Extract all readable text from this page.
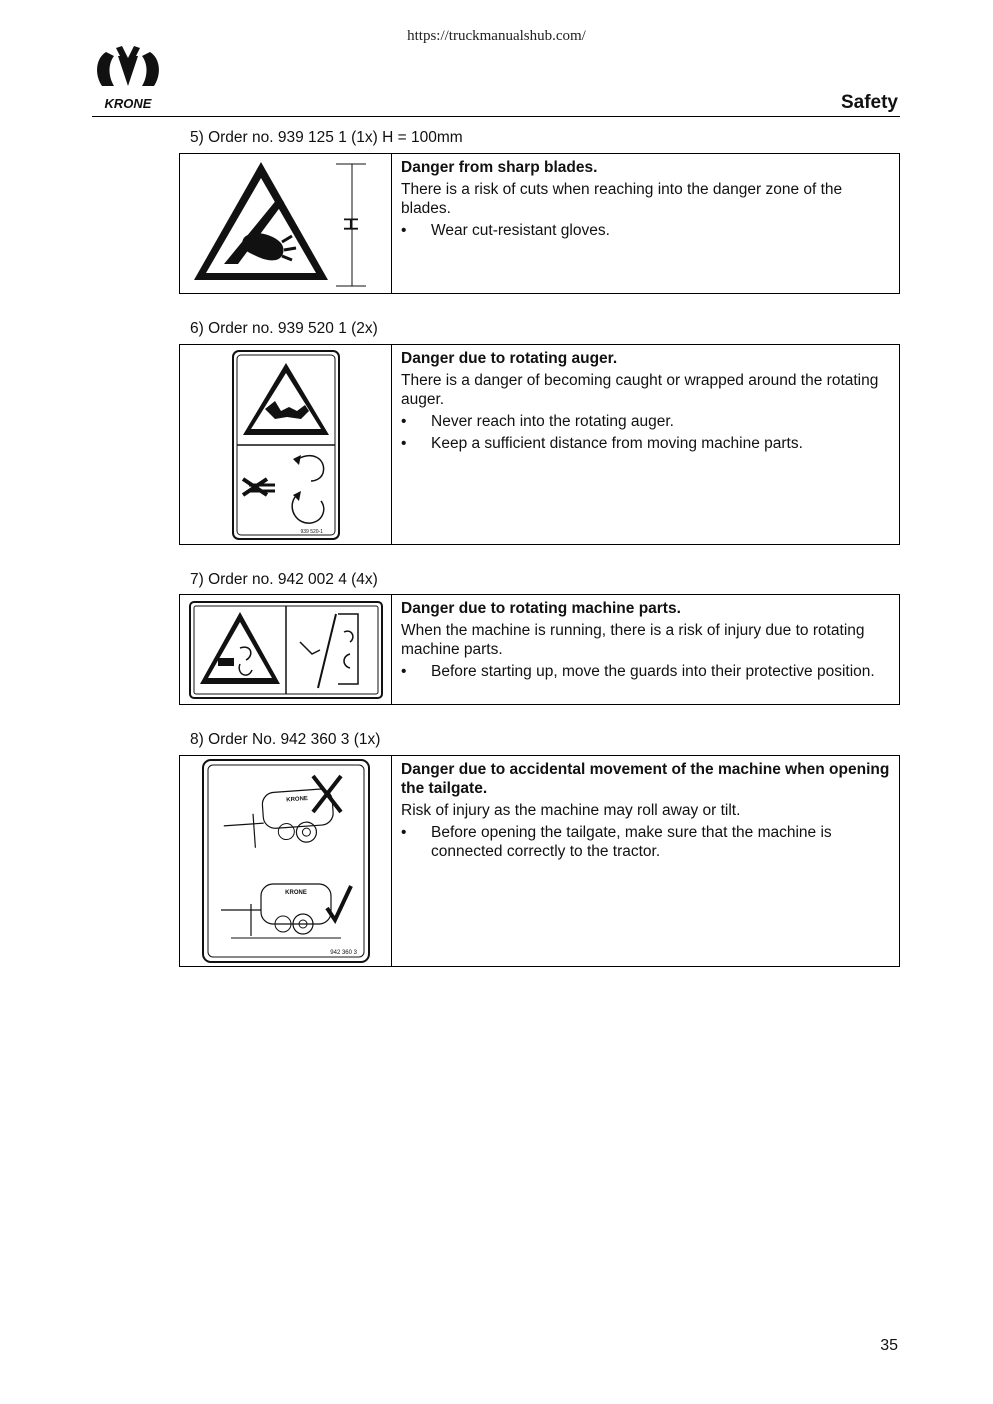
https://truckmanualshub.com/
KRONE	Safety
5) Order no. 939 125 1 (1x) H = 100mm
H
Danger from sharp blades.
There is a risk of cuts when reaching into the danger zone of the blades.
•	Wear cut-resistant gloves.
6) Order no. 939 520 1 (2x)
939 520-1
Danger due to rotating auger.
There is a danger of becoming caught or wrapped around the rotating auger.
•	Never reach into the rotating auger.
•	Keep a sufficient distance from moving machine parts.
7) Order no. 942 002 4 (4x)
Danger due to rotating machine parts.
When the machine is running, there is a risk of injury due to rotating machine parts.
•	Before starting up, move the guards into their protective position.
8) Order No. 942 360 3 (1x)
KRONE
KRONE
942 360 3
Danger due to accidental movement of the machine when opening the tailgate.
Risk of injury as the machine may roll away or tilt.
•	Before opening the tailgate, make sure that the machine is connected correctly to the tractor.
35
